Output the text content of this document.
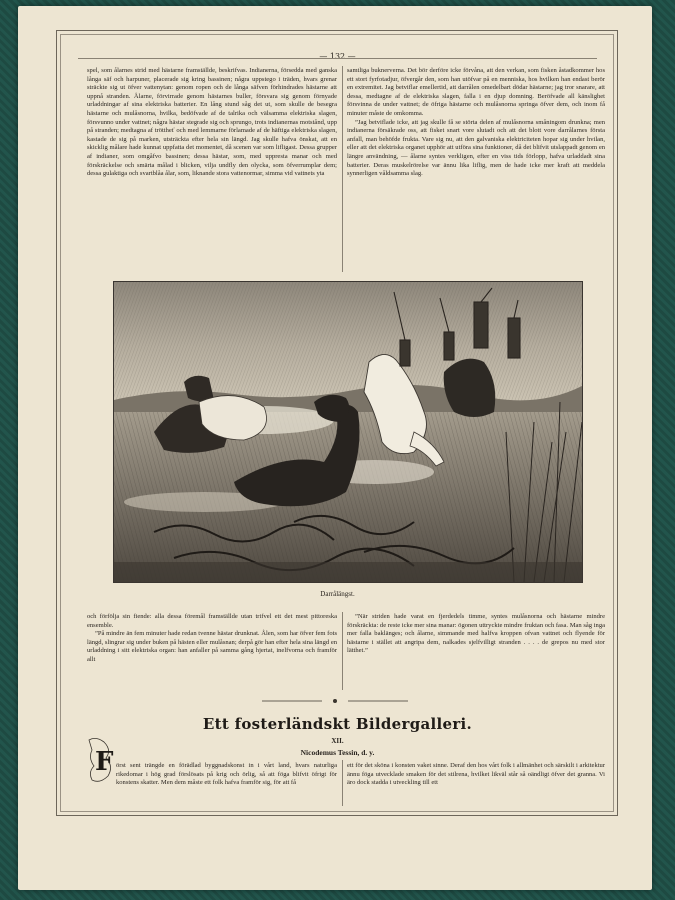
— 132 —

spel, som ålarnes strid med hästarne framställde, beskrifvas. Indianerna, försedda med ganska långa säf och harpuner, placerade sig kring bassinen; några uppstego i träden, hvars grenar sträckte sig ut öfver vattenytan: genom ropen och de långa säfven förhindrades hästarne att uppnå stranden. Ålarne, förvirrade genom hästarnes buller, försvara sig genom förnyade urladdningar af sina elektriska batterier. En lång stund såg det ut, som skulle de besegra hästarne och mulåsnorna, hvilka, bedöfvade af de talrika och välsamma elektriska slagen, försvunno under vattnet; några hästar stegrade sig och sprungo, trots indianernas motstånd, upp på stranden; medtagna af tröttheť och med lemmarne förlamade af de häftiga elektriska slagen, kastade de sig på marken, utsträckta efter hela sin längd. Jag skulle hafva önskat, att en skicklig målare hade kunnat uppfatta det momentet, då scenen var som lifligast. Dessa grupper af indianer, som omgåfvo bassinen; dessa hästar, som, med uppresta manar och med förskräckelse och smärta målad i blicken, vilja undfly den olycka, som öfverrumplar dem; dessa gulaktiga och svartblåa ålar, som, liknande stora vattenormar, simma vid vattnets yta

samtliga buknerverna. Det bör derföre icke förvåna, att den verkan, som fisken åstadkommer hos ett stort fyrfotadjur, öfvergår den, som han utöfvar på en menniska, hos hvilken han endast berör en extremitet. Jag betviflar emellertid, att darrålen omedelbart dödar hästarne; jag tror snarare, att dessa, medtagne af de elektriska slagen, falla i en djup domning. Beröfvade all känslighet försvinna de under vattnet; de öfriga hästarne och mulåsnorna springa öfver dem, och inom få minuter måste de omkomma.

”Jag betviflade icke, att jag skulle få se störta delen af mulåsnorna småningom drunkna; men indianerna försäkrade oss, att fisket snart vore slutadt och att det blott vore darrålarnes första anfall, man behöfde frukta. Vare sig nu, att den galvaniska elektriciteten hopar sig under hvilan, eller att det elektriska organet upphör att utföra sina funktioner, då det blifvit utslappadt genom en längre användning, — ålarne syntes verkligen, efter en viss tids förlopp, hafva urladdadt sina batterier. Deras muskelrörelse var ännu lika liflig, men de hade icke mer kraft att meddela synnerligen våldsamma slag.

Darrålängst.

och förfölja sin fiende: alla dessa föremål framställde utan trifvel ett det mest pittoreska ensemble.

”På mindre än fem minuter hade redan tvenne hästar drunknat. Ålen, som har öfver fem fots längd, slingrar sig under buken på hästen eller mulåsnan; derpå gör han efter hela sina längd en urladdning i sitt elektriska organ: han anfaller på samma gång hjertat, inelfvorna och framför allt

”När striden hade varat en fjerdedels timme, syntes mulåsnorna och hästarne mindre förskräckta: de reste icke mer sina manar: ögonen uttryckte mindre fruktan och fasa. Man såg inga mer falla baklänges; och ålarne, simmande med halfva kroppen ofvan vattnet och flyende för hästarne i stället att angripa dem, nalkades sjelfvilligt stranden . . . . de grepos nu med stor lätthet.”

Ett fosterländskt Bildergalleri.
XII.
Nicodemus Tessin, d. y.
F örst sent trängde en förädlad byggnadskonst in i vårt land, hvars naturliga rikedomar i hög grad förslösats på krig och örlig, så att föga blifvit öfrigt för konstens skatter. Men dem måste ett folk hafva framför sig, för att få

ett för det sköna i konsten vaket sinne. Deraf den hos vårt folk i allmänhet och särskilt i arkitektur ännu föga utvecklade smaken för det stilrena, hvilket likväl står så oändligt öfver det granna. Vi äro dock stadda i utveckling till ett
